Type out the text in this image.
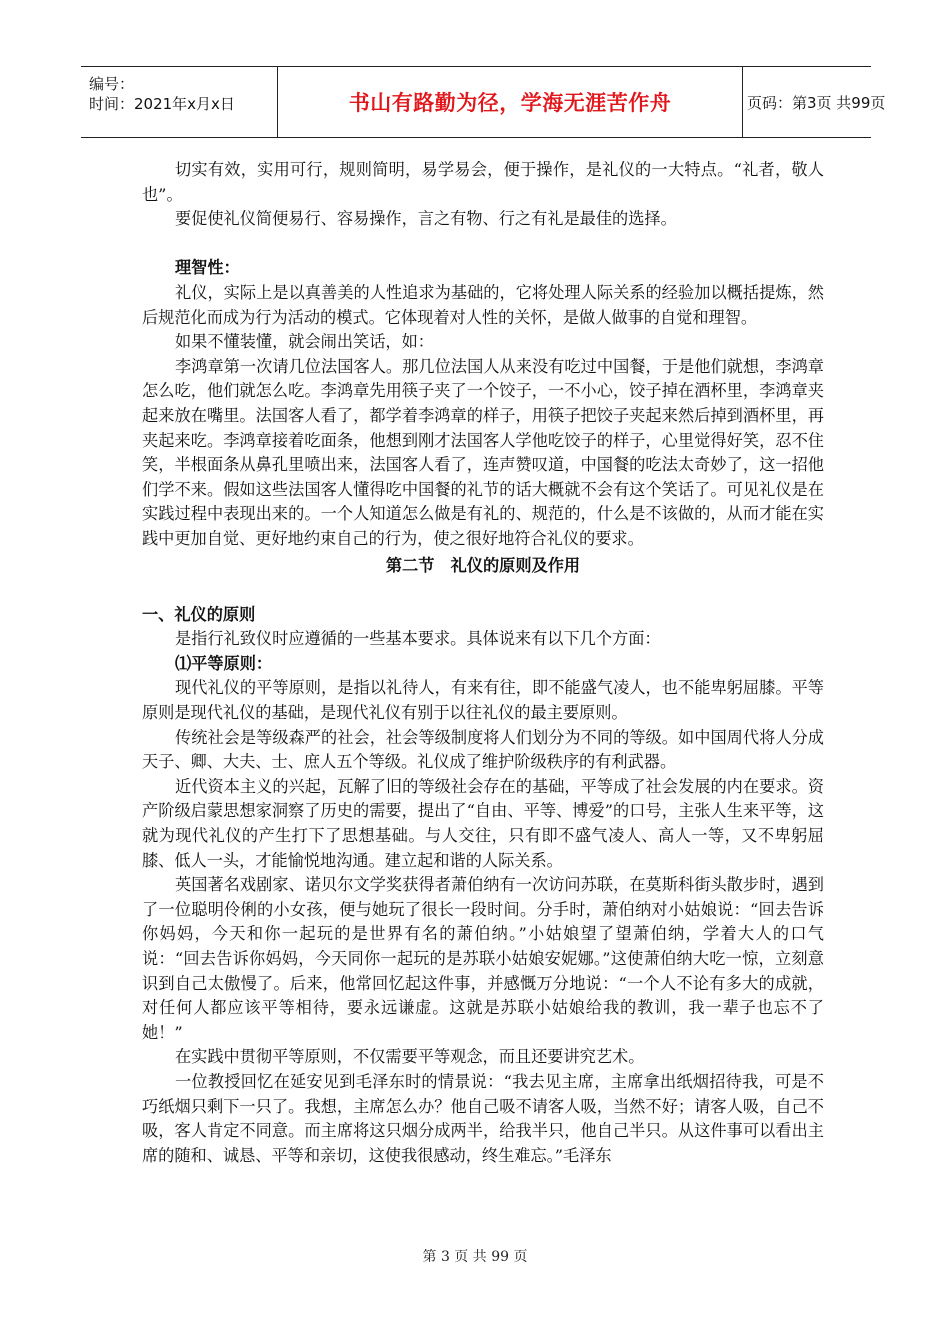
编号：
时间：2021年x月x日	书山有路勤为径，学海无涯苦作舟	页码：第3页 共99页

切实有效，实用可行，规则简明，易学易会，便于操作，是礼仪的一大特点。“礼者，敬人也”。

要促使礼仪简便易行、容易操作，言之有物、行之有礼是最佳的选择。

理智性：

礼仪，实际上是以真善美的人性追求为基础的，它将处理人际关系的经验加以概括提炼，然后规范化而成为行为活动的模式。它体现着对人性的关怀，是做人做事的自觉和理智。

如果不懂装懂，就会闹出笑话，如：

李鸿章第一次请几位法国客人。那几位法国人从来没有吃过中国餐，于是他们就想，李鸿章怎么吃，他们就怎么吃。李鸿章先用筷子夹了一个饺子，一不小心，饺子掉在酒杯里，李鸿章夹起来放在嘴里。法国客人看了，都学着李鸿章的样子，用筷子把饺子夹起来然后掉到酒杯里，再夹起来吃。李鸿章接着吃面条，他想到刚才法国客人学他吃饺子的样子，心里觉得好笑，忍不住笑，半根面条从鼻孔里喷出来，法国客人看了，连声赞叹道，中国餐的吃法太奇妙了，这一招他们学不来。假如这些法国客人懂得吃中国餐的礼节的话大概就不会有这个笑话了。可见礼仪是在实践过程中表现出来的。一个人知道怎么做是有礼的、规范的，什么是不该做的，从而才能在实践中更加自觉、更好地约束自己的行为，使之很好地符合礼仪的要求。

第二节　礼仪的原则及作用

一、礼仪的原则

是指行礼致仪时应遵循的一些基本要求。具体说来有以下几个方面：

⑴平等原则：

现代礼仪的平等原则，是指以礼待人，有来有往，即不能盛气凌人，也不能卑躬屈膝。平等原则是现代礼仪的基础，是现代礼仪有别于以往礼仪的最主要原则。

传统社会是等级森严的社会，社会等级制度将人们划分为不同的等级。如中国周代将人分成天子、卿、大夫、士、庶人五个等级。礼仪成了维护阶级秩序的有利武器。

近代资本主义的兴起，瓦解了旧的等级社会存在的基础，平等成了社会发展的内在要求。资产阶级启蒙思想家洞察了历史的需要，提出了“自由、平等、博爱”的口号，主张人生来平等，这就为现代礼仪的产生打下了思想基础。与人交往，只有即不盛气凌人、高人一等，又不卑躬屈膝、低人一头，才能愉悦地沟通。建立起和谐的人际关系。

英国著名戏剧家、诺贝尔文学奖获得者萧伯纳有一次访问苏联，在莫斯科街头散步时，遇到了一位聪明伶俐的小女孩，便与她玩了很长一段时间。分手时，萧伯纳对小姑娘说：“回去告诉你妈妈，今天和你一起玩的是世界有名的萧伯纳。”小姑娘望了望萧伯纳，学着大人的口气说：“回去告诉你妈妈，今天同你一起玩的是苏联小姑娘安妮娜。”这使萧伯纳大吃一惊，立刻意识到自己太傲慢了。后来，他常回忆起这件事，并感慨万分地说：“一个人不论有多大的成就，对任何人都应该平等相待，要永远谦虚。这就是苏联小姑娘给我的教训，我一辈子也忘不了她！”

在实践中贯彻平等原则，不仅需要平等观念，而且还要讲究艺术。

一位教授回忆在延安见到毛泽东时的情景说：“我去见主席，主席拿出纸烟招待我，可是不巧纸烟只剩下一只了。我想，主席怎么办？他自己吸不请客人吸，当然不好；请客人吸，自己不吸，客人肯定不同意。而主席将这只烟分成两半，给我半只，他自己半只。从这件事可以看出主席的随和、诚恳、平等和亲切，这使我很感动，终生难忘。”毛泽东

第 3 页 共 99 页
